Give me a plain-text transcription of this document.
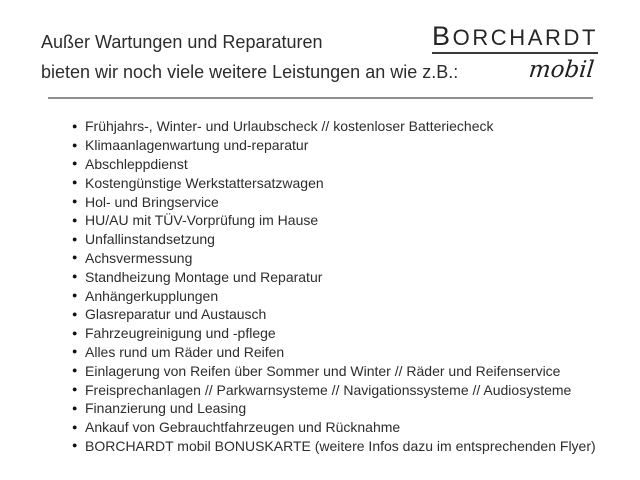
Außer Wartungen und Reparaturen
bieten wir noch viele weitere Leistungen an wie z.B.:
BORCHARDT
mobil
● Frühjahrs-, Winter- und Urlaubscheck // kostenloser Batteriecheck
● Klimaanlagenwartung und-reparatur
● Abschleppdienst
● Kostengünstige Werkstattersatzwagen
● Hol- und Bringservice
● HU/AU mit TÜV-Vorprüfung im Hause
● Unfallinstandsetzung
● Achsvermessung
● Standheizung Montage und Reparatur
● Anhängerkupplungen
● Glasreparatur und Austausch
● Fahrzeugreinigung und -pflege
● Alles rund um Räder und Reifen
● Einlagerung von Reifen über Sommer und Winter // Räder und Reifenservice
● Freisprechanlagen // Parkwarnsysteme // Navigationssysteme // Audiosysteme
● Finanzierung und Leasing
● Ankauf von Gebrauchtfahrzeugen und Rücknahme
● BORCHARDT mobil BONUSKARTE (weitere Infos dazu im entsprechenden Flyer)
